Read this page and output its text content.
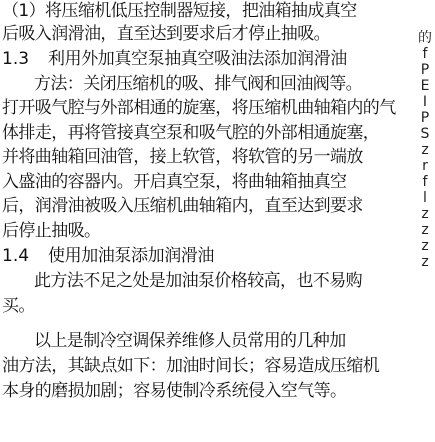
（1）将压缩机低压控制器短接，把油箱抽成真空
后吸入润滑油，直至达到要求后才停止抽吸。
1.3 利用外加真空泵抽真空吸油法添加润滑油
方法：关闭压缩机的吸、排气阀和回油阀等。
打开吸气腔与外部相通的旋塞，将压缩机曲轴箱内的气
体排走，再将管接真空泵和吸气腔的外部相通旋塞，
并将曲轴箱回油管，接上软管，将软管的另一端放
入盛油的容器内。开启真空泵，将曲轴箱抽真空
后，润滑油被吸入压缩机曲轴箱内，直至达到要求
后停止抽吸。
1.4 使用加油泵添加润滑油
此方法不足之处是加油泵价格较高，也不易购
买。
以上是制冷空调保养维修人员常用的几种加
油方法，其缺点如下：加油时间长；容易造成压缩机
本身的磨损加剧；容易使制冷系统侵入空气等。
的
f
P
E
I
P
S
z
r
f
l
z
z
z
z
